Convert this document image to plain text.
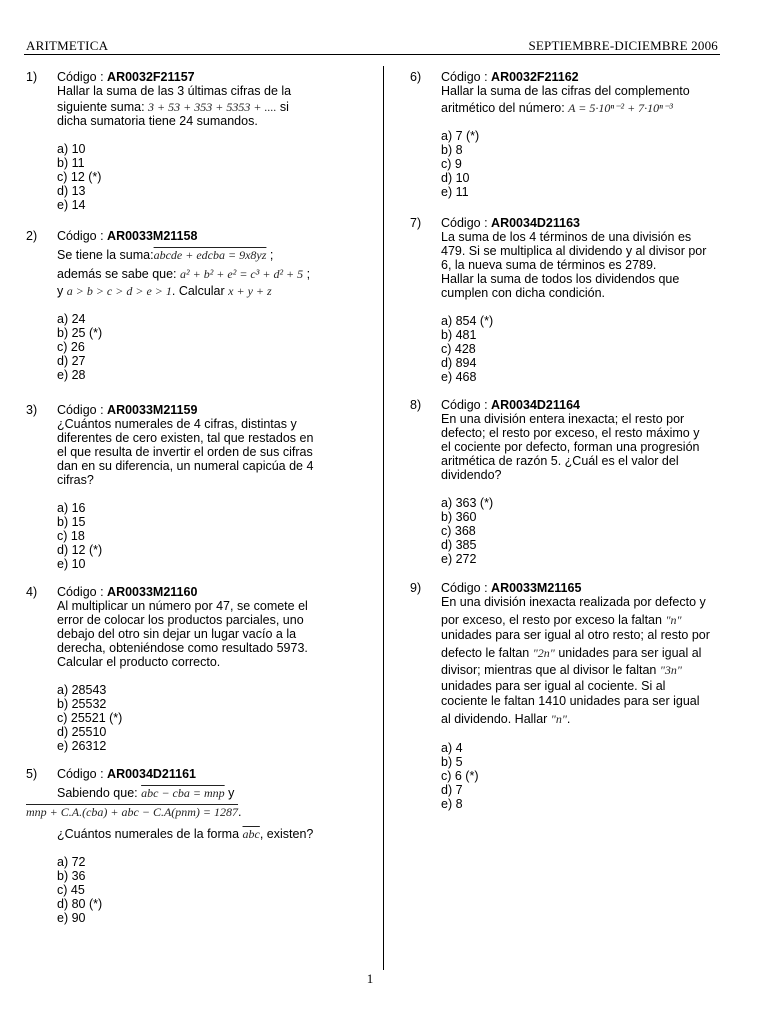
ARITMETICA	SEPTIEMBRE-DICIEMBRE 2006
1) Código : AR0032F21157
Hallar la suma de las 3 últimas cifras de la
siguiente suma: 3 + 53 + 353 + 5353 + .... si
dicha sumatoria tiene 24 sumandos.
a) 10
b) 11
c) 12 (*)
d) 13
e) 14
2) Código : AR0033M21158
Se tiene la suma:abcde + edcba = 9x8yz ;
además se sabe que: a² + b² + e² = c³ + d² + 5 ;
y a > b > c > d > e > 1. Calcular x + y + z
a) 24
b) 25 (*)
c) 26
d) 27
e) 28
3) Código : AR0033M21159
¿Cuántos numerales de 4 cifras, distintas y
diferentes de cero existen, tal que restados en
el que resulta de invertir el orden de sus cifras
dan en su diferencia, un numeral capicúa de 4
cifras?
a) 16
b) 15
c) 18
d) 12 (*)
e) 10
4) Código : AR0033M21160
Al multiplicar un número por 47, se comete el
error de colocar los productos parciales, uno
debajo del otro sin dejar un lugar vacío a la
derecha, obteniéndose como resultado 5973.
Calcular el producto correcto.
a) 28543
b) 25532
c) 25521 (*)
d) 25510
e) 26312
5) Código : AR0034D21161
Sabiendo que: abc − cba = mnp y
mnp + C.A.(cba) + abc − C.A(pnm) = 1287.
¿Cuántos numerales de la forma $\overline{abc}$, existen?
a) 72
b) 36
c) 45
d) 80 (*)
e) 90
6) Código : AR0032F21162
Hallar la suma de las cifras del complemento
aritmético del número: A = 5·10ⁿ⁻² + 7·10ⁿ⁻³
a) 7 (*)
b) 8
c) 9
d) 10
e) 11
7) Código : AR0034D21163
La suma de los 4 términos de una división es
479. Si se multiplica al dividendo y al divisor por
6, la nueva suma de términos es 2789.
Hallar la suma de todos los dividendos que
cumplen con dicha condición.
a) 854 (*)
b) 481
c) 428
d) 894
e) 468
8) Código : AR0034D21164
En una división entera inexacta; el resto por
defecto; el resto por exceso, el resto máximo y
el cociente por defecto, forman una progresión
aritmética de razón 5. ¿Cuál es el valor del
dividendo?
a) 363 (*)
b) 360
c) 368
d) 385
e) 272
9) Código : AR0033M21165
En una división inexacta realizada por defecto y
por exceso, el resto por exceso la faltan "n"
unidades para ser igual al otro resto; al resto por
defecto le faltan "2n" unidades para ser igual al
divisor; mientras que al divisor le faltan "3n"
unidades para ser igual al cociente. Si al
cociente le faltan 1410 unidades para ser igual
al dividendo. Hallar "n".
a) 4
b) 5
c) 6 (*)
d) 7
e) 8
1
